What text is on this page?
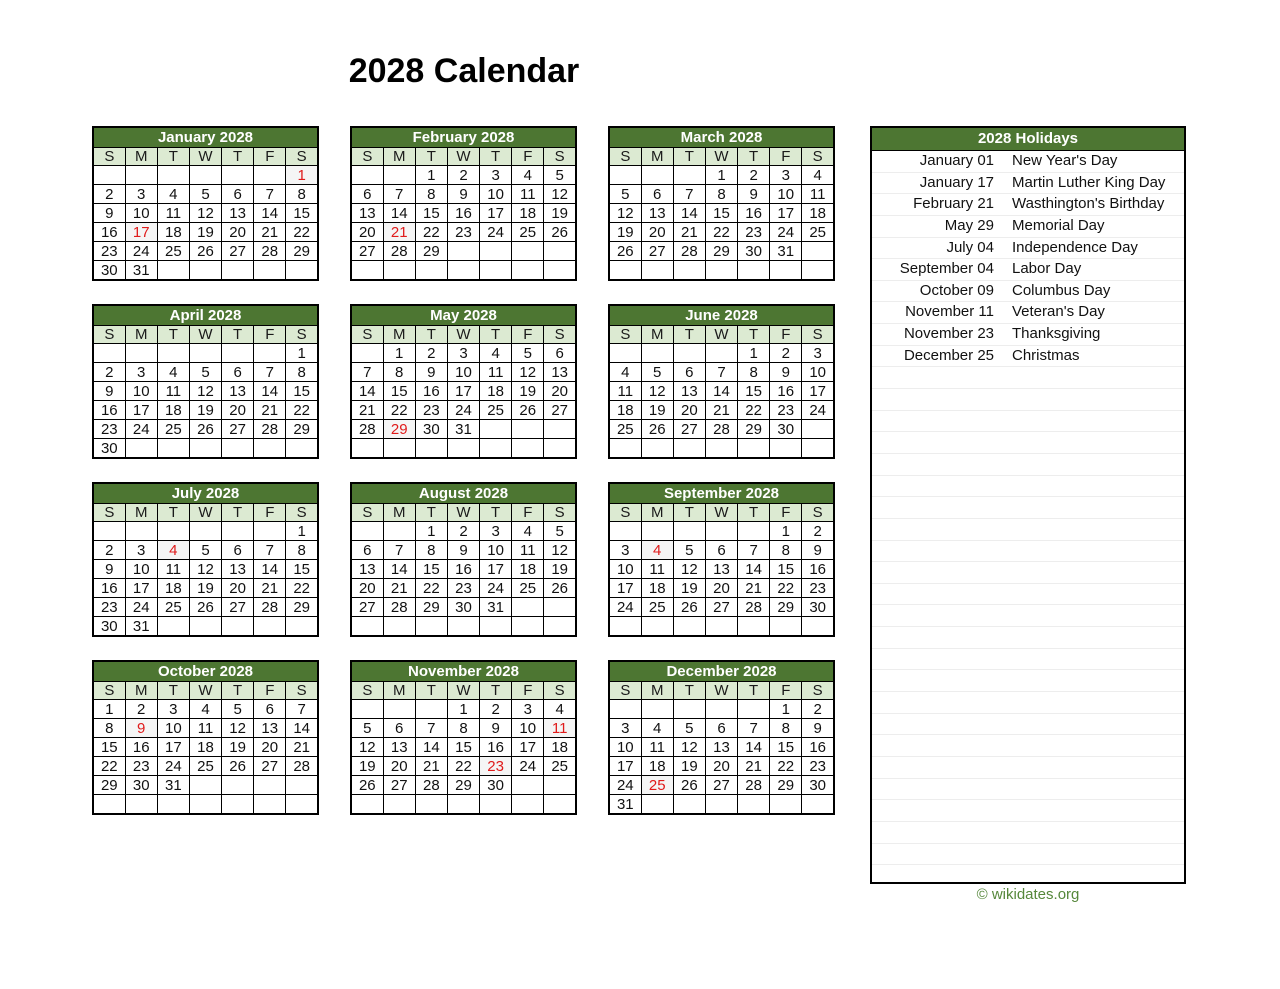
2028 Calendar
January 2028						
S	M	T	W	T	F	S
						1
2	3	4	5	6	7	8
9	10	11	12	13	14	15
16	17	18	19	20	21	22
23	24	25	26	27	28	29
30	31					
February 2028						
S	M	T	W	T	F	S
		1	2	3	4	5
6	7	8	9	10	11	12
13	14	15	16	17	18	19
20	21	22	23	24	25	26
27	28	29				

March 2028						
S	M	T	W	T	F	S
			1	2	3	4
5	6	7	8	9	10	11
12	13	14	15	16	17	18
19	20	21	22	23	24	25
26	27	28	29	30	31	

April 2028						
S	M	T	W	T	F	S
						1
2	3	4	5	6	7	8
9	10	11	12	13	14	15
16	17	18	19	20	21	22
23	24	25	26	27	28	29
30						
May 2028						
S	M	T	W	T	F	S
	1	2	3	4	5	6
7	8	9	10	11	12	13
14	15	16	17	18	19	20
21	22	23	24	25	26	27
28	29	30	31			

June 2028						
S	M	T	W	T	F	S
				1	2	3
4	5	6	7	8	9	10
11	12	13	14	15	16	17
18	19	20	21	22	23	24
25	26	27	28	29	30	

July 2028						
S	M	T	W	T	F	S
						1
2	3	4	5	6	7	8
9	10	11	12	13	14	15
16	17	18	19	20	21	22
23	24	25	26	27	28	29
30	31					
August 2028						
S	M	T	W	T	F	S
		1	2	3	4	5
6	7	8	9	10	11	12
13	14	15	16	17	18	19
20	21	22	23	24	25	26
27	28	29	30	31		

September 2028						
S	M	T	W	T	F	S
					1	2
3	4	5	6	7	8	9
10	11	12	13	14	15	16
17	18	19	20	21	22	23
24	25	26	27	28	29	30

October 2028						
S	M	T	W	T	F	S
1	2	3	4	5	6	7
8	9	10	11	12	13	14
15	16	17	18	19	20	21
22	23	24	25	26	27	28
29	30	31				

November 2028						
S	M	T	W	T	F	S
			1	2	3	4
5	6	7	8	9	10	11
12	13	14	15	16	17	18
19	20	21	22	23	24	25
26	27	28	29	30		

December 2028						
S	M	T	W	T	F	S
					1	2
3	4	5	6	7	8	9
10	11	12	13	14	15	16
17	18	19	20	21	22	23
24	25	26	27	28	29	30
31						
2028 Holidays
January 01	New Year's Day
January 17	Martin Luther King Day
February 21	Wasthington's Birthday
May 29	Memorial Day
July 04	Independence Day
September 04	Labor Day
October 09	Columbus Day
November 11	Veteran's Day
November 23	Thanksgiving
December 25	Christmas
© wikidates.org
